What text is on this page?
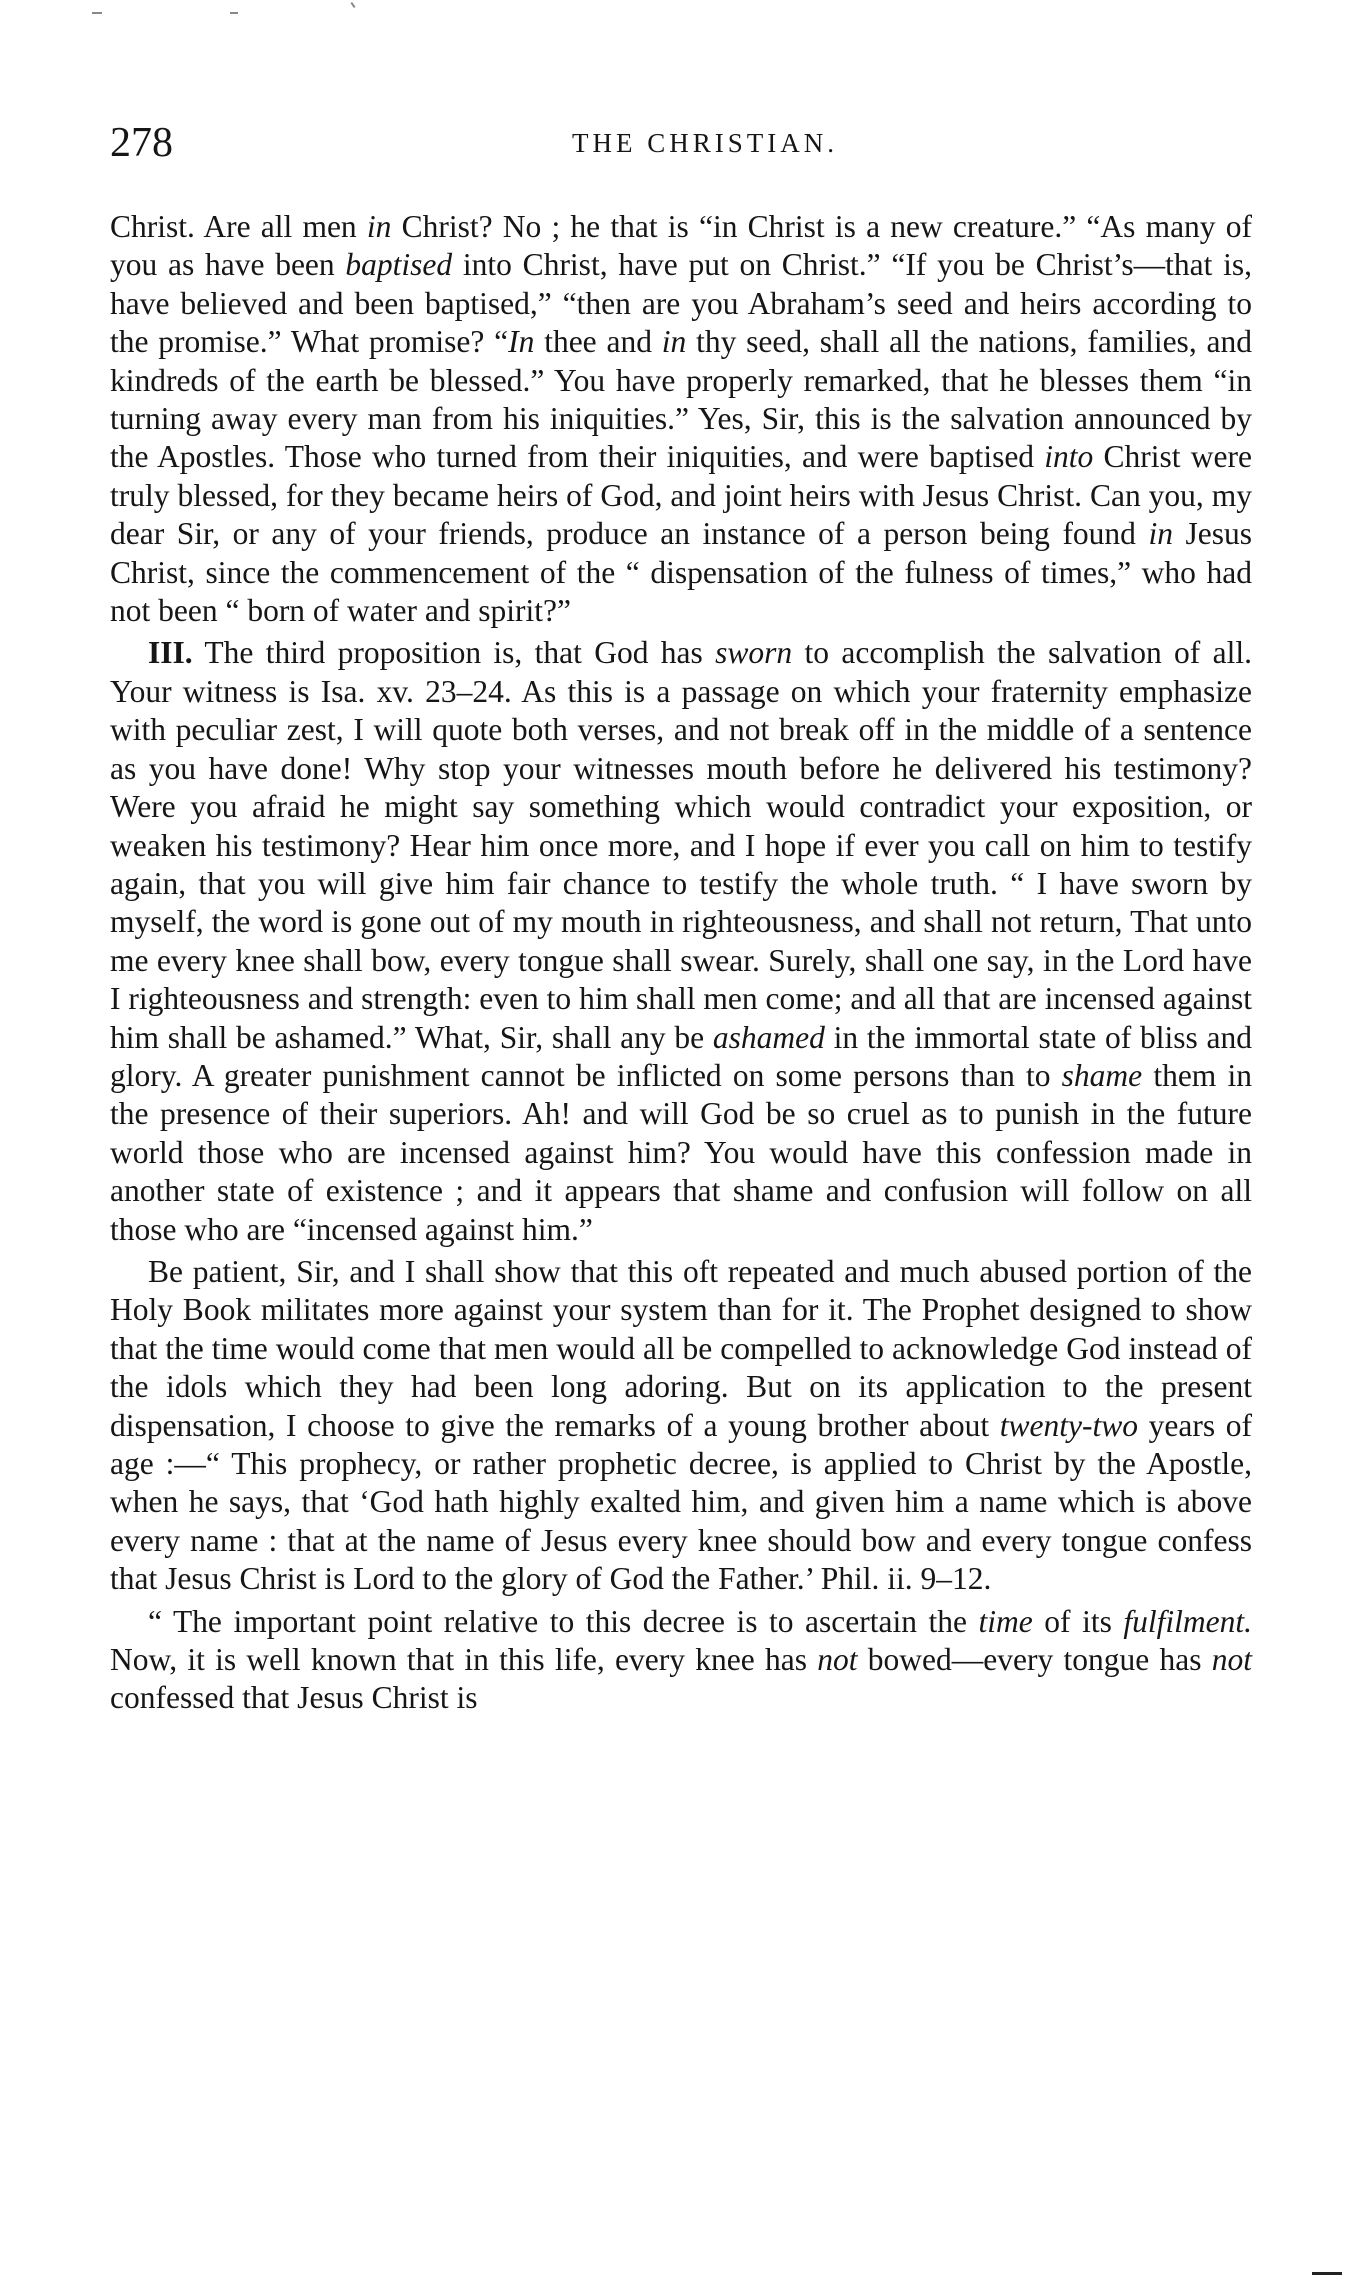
278	THE CHRISTIAN.

Christ. Are all men in Christ? No ; he that is “in Christ is a new creature.” “As many of you as have been baptised into Christ, have put on Christ.” “If you be Christ’s—that is, have believed and been baptised,” “then are you Abraham’s seed and heirs according to the promise.” What promise? “In thee and in thy seed, shall all the nations, families, and kindreds of the earth be blessed.” You have properly remarked, that he blesses them “in turning away every man from his iniquities.” Yes, Sir, this is the salvation announced by the Apostles. Those who turned from their iniquities, and were baptised into Christ were truly blessed, for they became heirs of God, and joint heirs with Jesus Christ. Can you, my dear Sir, or any of your friends, produce an instance of a person being found in Jesus Christ, since the commencement of the “ dispensation of the fulness of times,” who had not been “ born of water and spirit?”

III. The third proposition is, that God has sworn to accomplish the salvation of all. Your witness is Isa. xv. 23–24. As this is a passage on which your fraternity emphasize with peculiar zest, I will quote both verses, and not break off in the middle of a sentence as you have done! Why stop your witnesses mouth before he delivered his testimony? Were you afraid he might say something which would contradict your exposition, or weaken his testimony? Hear him once more, and I hope if ever you call on him to testify again, that you will give him fair chance to testify the whole truth. “ I have sworn by myself, the word is gone out of my mouth in righteousness, and shall not return, That unto me every knee shall bow, every tongue shall swear. Surely, shall one say, in the Lord have I righteousness and strength: even to him shall men come; and all that are incensed against him shall be ashamed.” What, Sir, shall any be ashamed in the immortal state of bliss and glory. A greater punishment cannot be inflicted on some persons than to shame them in the presence of their superiors. Ah! and will God be so cruel as to punish in the future world those who are incensed against him? You would have this confession made in another state of existence ; and it appears that shame and confusion will follow on all those who are “incensed against him.”

Be patient, Sir, and I shall show that this oft repeated and much abused portion of the Holy Book militates more against your system than for it. The Prophet designed to show that the time would come that men would all be compelled to acknowledge God instead of the idols which they had been long adoring. But on its application to the present dispensation, I choose to give the remarks of a young brother about twenty-two years of age :—“ This prophecy, or rather prophetic decree, is applied to Christ by the Apostle, when he says, that ‘God hath highly exalted him, and given him a name which is above every name : that at the name of Jesus every knee should bow and every tongue confess that Jesus Christ is Lord to the glory of God the Father.’ Phil. ii. 9–12.

“ The important point relative to this decree is to ascertain the time of its fulfilment. Now, it is well known that in this life, every knee has not bowed—every tongue has not confessed that Jesus Christ is
